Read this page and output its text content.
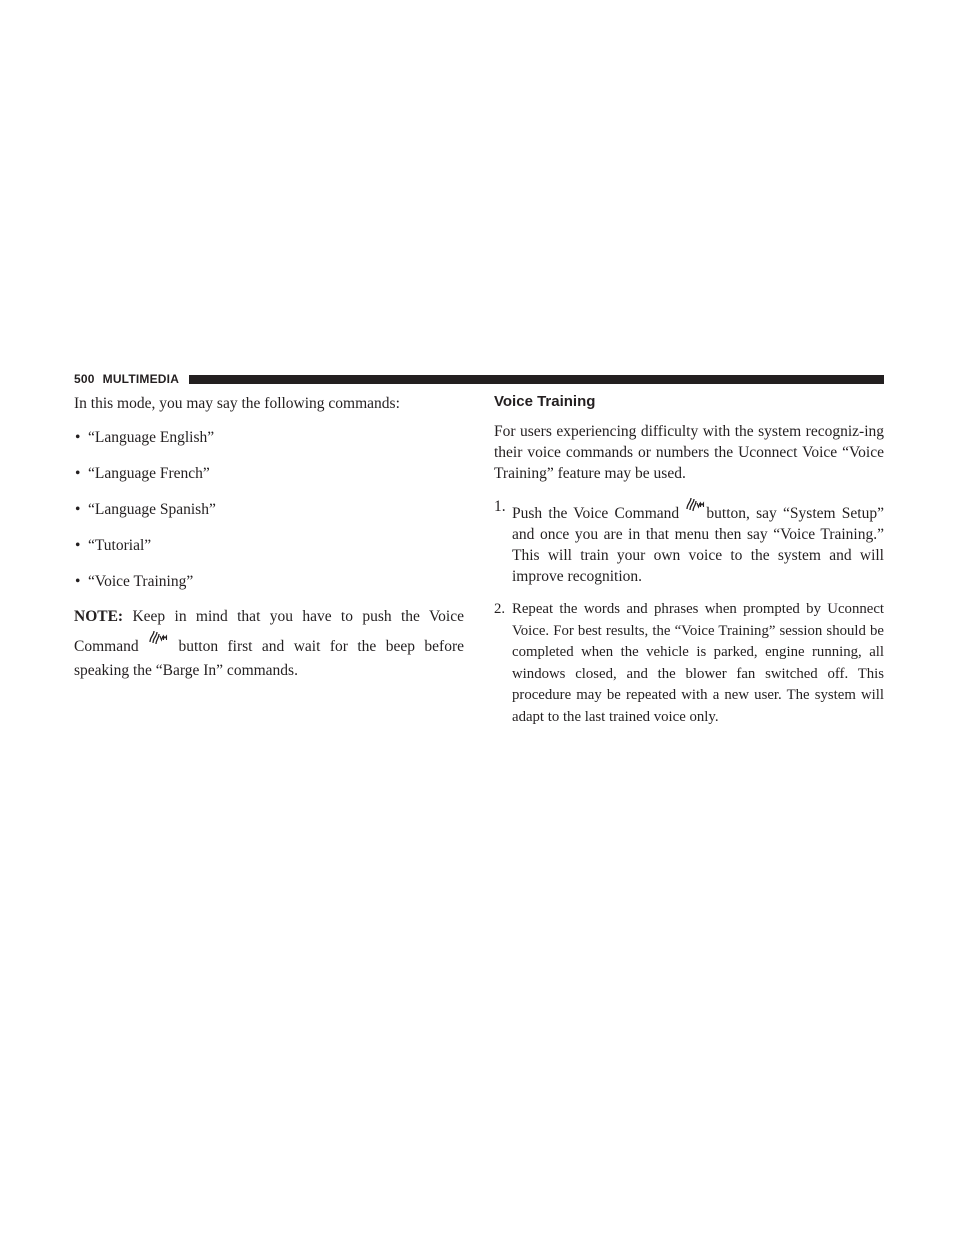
500 MULTIMEDIA

In this mode, you may say the following commands:

• “Language English”
• “Language French”
• “Language Spanish”
• “Tutorial”
• “Voice Training”

NOTE: Keep in mind that you have to push the Voice Command	button first and wait for the beep before speaking the “Barge In” commands.

Voice Training

For users experiencing difficulty with the system recogniz-ing their voice commands or numbers the Uconnect Voice “Voice Training” feature may be used.

1. Push the Voice Command button, say “System Setup” and once you are in that menu then say “Voice Training.” This will train your own voice to the system and will improve recognition.
2. Repeat the words and phrases when prompted by Uconnect Voice. For best results, the “Voice Training” session should be completed when the vehicle is parked, engine running, all windows closed, and the blower fan switched off. This procedure may be repeated with a new user. The system will adapt to the last trained voice only.
